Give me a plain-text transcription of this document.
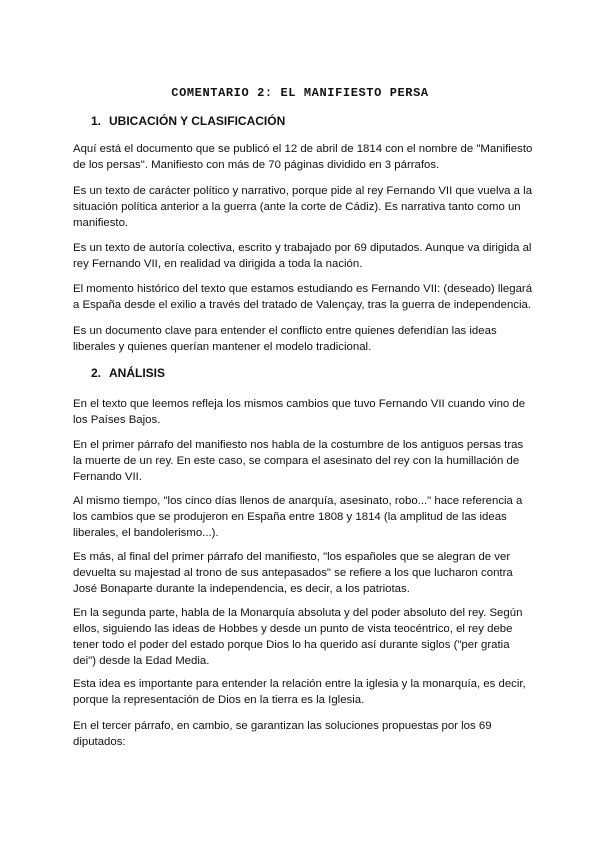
COMENTARIO 2: EL MANIFIESTO PERSA
1. UBICACIÓN Y CLASIFICACIÓN

Aquí está el documento que se publicó el 12 de abril de 1814 con el nombre de "Manifiesto de los persas". Manifiesto con más de 70 páginas dividido en 3 párrafos.

Es un texto de carácter político y narrativo, porque pide al rey Fernando VII que vuelva a la situación política anterior a la guerra (ante la corte de Cádiz). Es narrativa tanto como un manifiesto.

Es un texto de autoría colectiva, escrito y trabajado por 69 diputados. Aunque va dirigida al rey Fernando VII, en realidad va dirigida a toda la nación.

El momento histórico del texto que estamos estudiando es Fernando VII: (deseado) llegará a España desde el exilio a través del tratado de Valençay, tras la guerra de independencia.

Es un documento clave para entender el conflicto entre quienes defendían las ideas liberales y quienes querían mantener el modelo tradicional.

2. ANÁLISIS

En el texto que leemos refleja los mismos cambios que tuvo Fernando VII cuando vino de los Países Bajos.

En el primer párrafo del manifiesto nos habla de la costumbre de los antiguos persas tras la muerte de un rey. En este caso, se compara el asesinato del rey con la humillación de Fernando VII.

Al mismo tiempo, "los cinco días llenos de anarquía, asesinato, robo..." hace referencia a los cambios que se produjeron en España entre 1808 y 1814 (la amplitud de las ideas liberales, el bandolerismo...).

Es más, al final del primer párrafo del manifiesto, "los españoles que se alegran de ver devuelta su majestad al trono de sus antepasados" se refiere a los que lucharon contra José Bonaparte durante la independencia, es decir, a los patriotas.

En la segunda parte, habla de la Monarquía absoluta y del poder absoluto del rey. Según ellos, siguiendo las ideas de Hobbes y desde un punto de vista teocéntrico, el rey debe tener todo el poder del estado porque Dios lo ha querido así durante siglos ("per gratia dei") desde la Edad Media.

Esta idea es importante para entender la relación entre la iglesia y la monarquía, es decir, porque la representación de Dios en la tierra es la Iglesia.

En el tercer párrafo, en cambio, se garantizan las soluciones propuestas por los 69 diputados:
